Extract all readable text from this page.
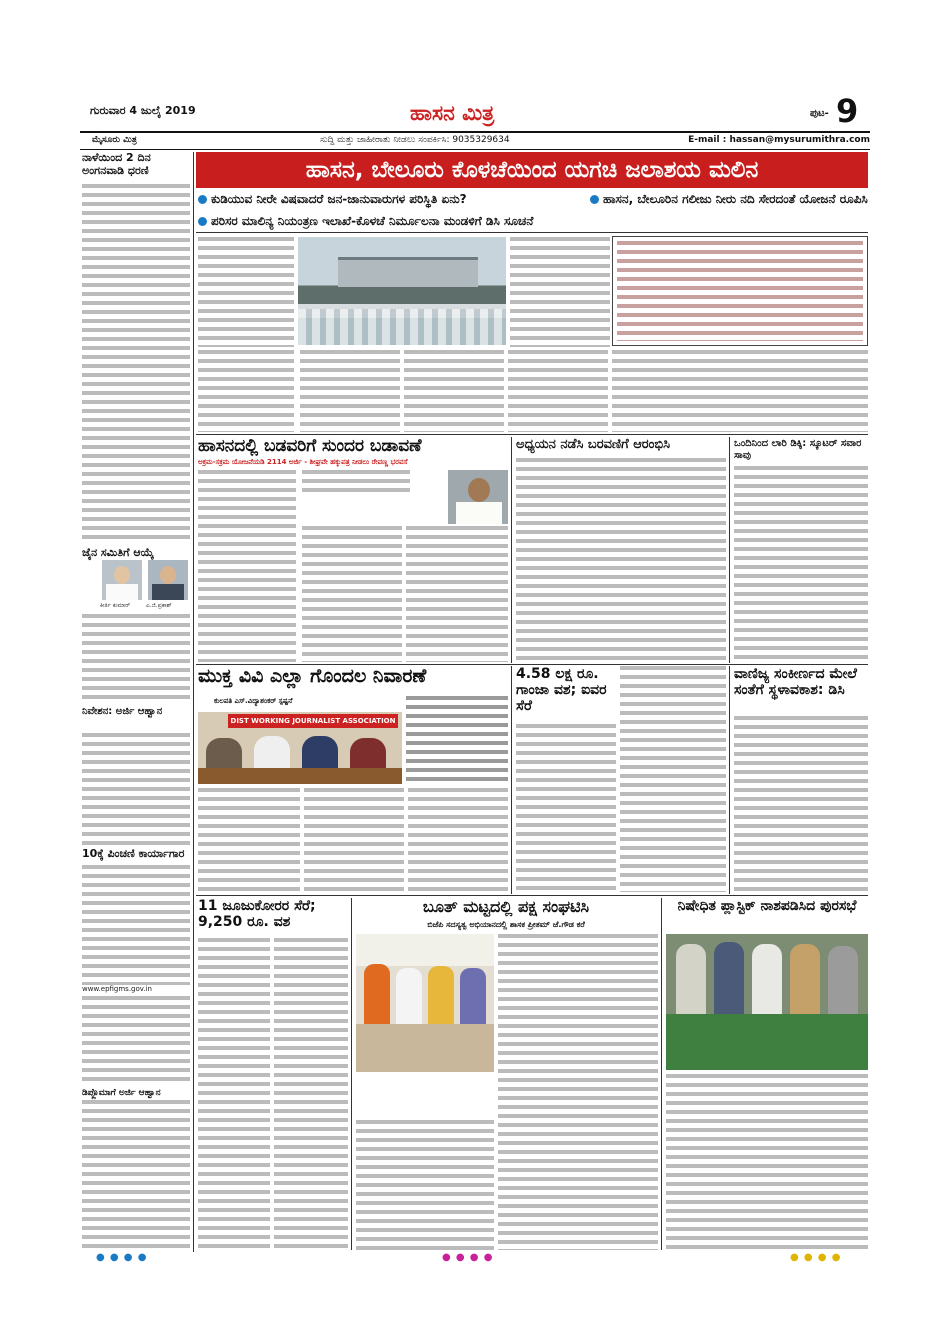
ಗುರುವಾರ 4 ಜುಲೈ 2019	ಹಾಸನ ಮಿತ್ರ	ಪುಟ- 9
ಮೈಸೂರು ಮಿತ್ರ	ಸುದ್ದಿ ಮತ್ತು ಜಾಹೀರಾತು ನೀಡಲು ಸಂಪರ್ಕಿಸಿ: 9035329634	E-mail : hassan@mysurumithra.com
ನಾಳೆಯಿಂದ 2 ದಿನ ಅಂಗನವಾಡಿ ಧರಣಿ
ಜೈನ ಸಮಿತಿಗೆ ಆಯ್ಕೆ
ಕೀರ್ತಿ ಕುಮಾರ್	ಎ.ಜಿ.ಪ್ರಕಾಶ್
ನಿವೇಶನ: ಅರ್ಜಿ ಆಹ್ವಾನ
10ಕ್ಕೆ ಪಿಂಚಣಿ ಕಾರ್ಯಾಗಾರ
www.epfigms.gov.in
ಡಿಪ್ಲೊಮಾಗೆ ಅರ್ಜಿ ಆಹ್ವಾನ
ಹಾಸನ, ಬೇಲೂರು ಕೊಳಚೆಯಿಂದ ಯಗಚಿ ಜಲಾಶಯ ಮಲಿನ
ಕುಡಿಯುವ ನೀರೇ ವಿಷವಾದರೆ ಜನ-ಜಾನುವಾರುಗಳ ಪರಿಸ್ಥಿತಿ ಏನು?	ಹಾಸನ, ಬೇಲೂರಿನ ಗಲೀಜು ನೀರು ನದಿ ಸೇರದಂತೆ ಯೋಜನೆ ರೂಪಿಸಿ
ಪರಿಸರ ಮಾಲಿನ್ಯ ನಿಯಂತ್ರಣ ಇಲಾಖೆ-ಕೊಳಚೆ ನಿರ್ಮೂಲನಾ ಮಂಡಳಿಗೆ ಡಿಸಿ ಸೂಚನೆ
ಹಾಸನದಲ್ಲಿ ಬಡವರಿಗೆ ಸುಂದರ ಬಡಾವಣೆ
ಅಕ್ರಮ-ಸಕ್ರಮ ಯೋಜನೆಯಡಿ 2114 ಅರ್ಜಿ - ಶೀಘ್ರವೇ ಹಕ್ಕುಪತ್ರ ನೀಡಲು ರೇವಣ್ಣ ಭರವಸೆ
ಅಧ್ಯಯನ ನಡೆಸಿ ಬರವಣಿಗೆ ಆರಂಭಿಸಿ	ಒಂದಿನಿಂದ ಲಾರಿ ಡಿಕ್ಕಿ: ಸ್ಕೂಟರ್ ಸವಾರ ಸಾವು
ಮುಕ್ತ ವಿವಿ ಎಲ್ಲಾ ಗೊಂದಲ ನಿವಾರಣೆ
ಕುಲಪತಿ ಎಸ್.ವಿದ್ಯಾಶಂಕರ್ ಸ್ಪಷ್ಟನೆ
DIST WORKING JOURNALIST ASSOCIATION
4.58 ಲಕ್ಷ ರೂ. ಗಾಂಜಾ ವಶ; ಐವರ ಸೆರೆ
ವಾಣಿಜ್ಯ ಸಂಕೀರ್ಣದ ಮೇಲೆ ಸಂತೆಗೆ ಸ್ಥಳಾವಕಾಶ: ಡಿಸಿ
11 ಜೂಜುಕೋರರ ಸೆರೆ; 9,250 ರೂ. ವಶ
ಬೂತ್ ಮಟ್ಟದಲ್ಲಿ ಪಕ್ಷ ಸಂಘಟಿಸಿ
ಬಿಜೆಪಿ ಸದಸ್ಯತ್ವ ಅಭಿಯಾನದಲ್ಲಿ ಶಾಸಕ ಪ್ರೀತಮ್ ಜೆ.ಗೌಡ ಕರೆ
ನಿಷೇಧಿತ ಪ್ಲಾಸ್ಟಿಕ್ ನಾಶಪಡಿಸಿದ ಪುರಸಭೆ
● ● ● ●	● ● ● ●	● ● ● ●
